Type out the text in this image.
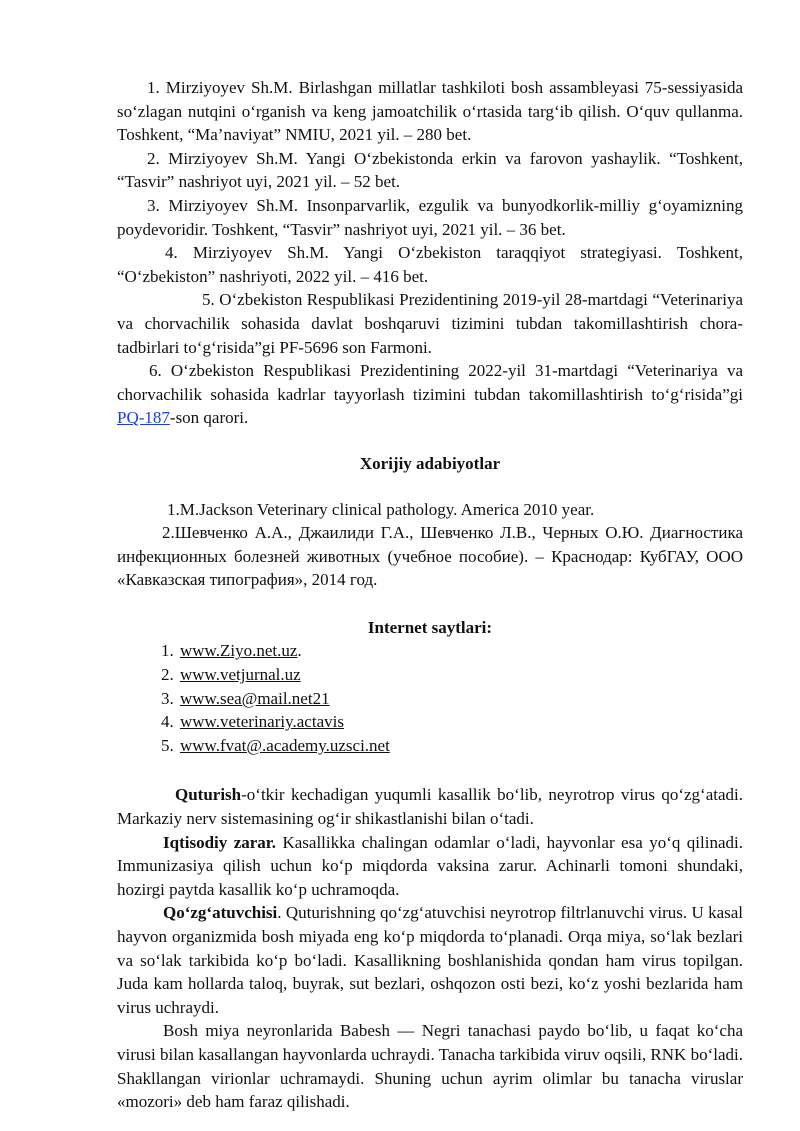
1. Mirziyoyev Sh.M. Birlashgan millatlar tashkiloti bosh assambleyasi 75-sessiyasida so‘zlagan nutqini o‘rganish va keng jamoatchilik o‘rtasida targ‘ib qilish. O‘quv qullanma. Toshkent, “Ma’naviyat” NMIU, 2021 yil. – 280 bet.

2. Mirziyoyev Sh.M. Yangi O‘zbekistonda erkin va farovon yashaylik. “Toshkent, “Tasvir” nashriyot uyi, 2021 yil. – 52 bet.

3. Mirziyoyev Sh.M. Insonparvarlik, ezgulik va bunyodkorlik-milliy g‘oyamizning poydevoridir. Toshkent, “Tasvir” nashriyot uyi, 2021 yil. – 36 bet.

4. Mirziyoyev Sh.M. Yangi O‘zbekiston taraqqiyot strategiyasi. Toshkent, “O‘zbekiston” nashriyoti, 2022 yil. – 416 bet.

5. O‘zbekiston Respublikasi Prezidentining 2019-yil 28-martdagi “Veterinariya va chorvachilik sohasida davlat boshqaruvi tizimini tubdan takomillashtirish chora-tadbirlari to‘g‘risida”gi PF-5696 son Farmoni.

6. O‘zbekiston Respublikasi Prezidentining 2022-yil 31-martdagi “Veterinariya va chorvachilik sohasida kadrlar tayyorlash tizimini tubdan takomillashtirish to‘g‘risida”gi PQ-187-son qarori.

Xorijiy adabiyotlar

1.M.Jackson Veterinary clinical pathology. America 2010 year.

2.Шевченко А.А., Джаилиди Г.А., Шевченко Л.В., Черных О.Ю. Диагностика инфекционных болезней животных (учебное пособие). – Краснодар: КубГАУ, ООО «Кавказская типография», 2014 год.

Internet saytlari:

1. www.Ziyo.net.uz.
2. www.vetjurnal.uz
3. www.sea@mail.net21
4. www.veterinariy.actavis
5. www.fvat@.academy.uzsci.net

Quturish-o‘tkir kechadigan yuqumli kasallik bo‘lib, neyrotrop virus qo‘zg‘atadi. Markaziy nerv sistemasining og‘ir shikastlanishi bilan o‘tadi.

Iqtisodiy zarar. Kasallikka chalingan odamlar o‘ladi, hayvonlar esa yo‘q qilinadi. Immunizasiya qilish uchun ko‘p miqdorda vaksina zarur. Achinarli tomoni shundaki, hozirgi paytda kasallik ko‘p uchramoqda.

Qo‘zg‘atuvchisi. Quturishning qo‘zg‘atuvchisi neyrotrop filtrlanuvchi virus. U kasal hayvon organizmida bosh miyada eng ko‘p miqdorda to‘planadi. Orqa miya, so‘lak bezlari va so‘lak tarkibida ko‘p bo‘ladi. Kasallikning boshlanishida qondan ham virus topilgan. Juda kam hollarda taloq, buyrak, sut bezlari, oshqozon osti bezi, ko‘z yoshi bezlarida ham virus uchraydi.

Bosh miya neyronlarida Babesh — Negri tanachasi paydo bo‘lib, u faqat ko‘cha virusi bilan kasallangan hayvonlarda uchraydi. Tanacha tarkibida viruv oqsili, RNK bo‘ladi. Shakllangan virionlar uchramaydi. Shuning uchun ayrim olimlar bu tanacha viruslar «mozori» deb ham faraz qilishadi.
